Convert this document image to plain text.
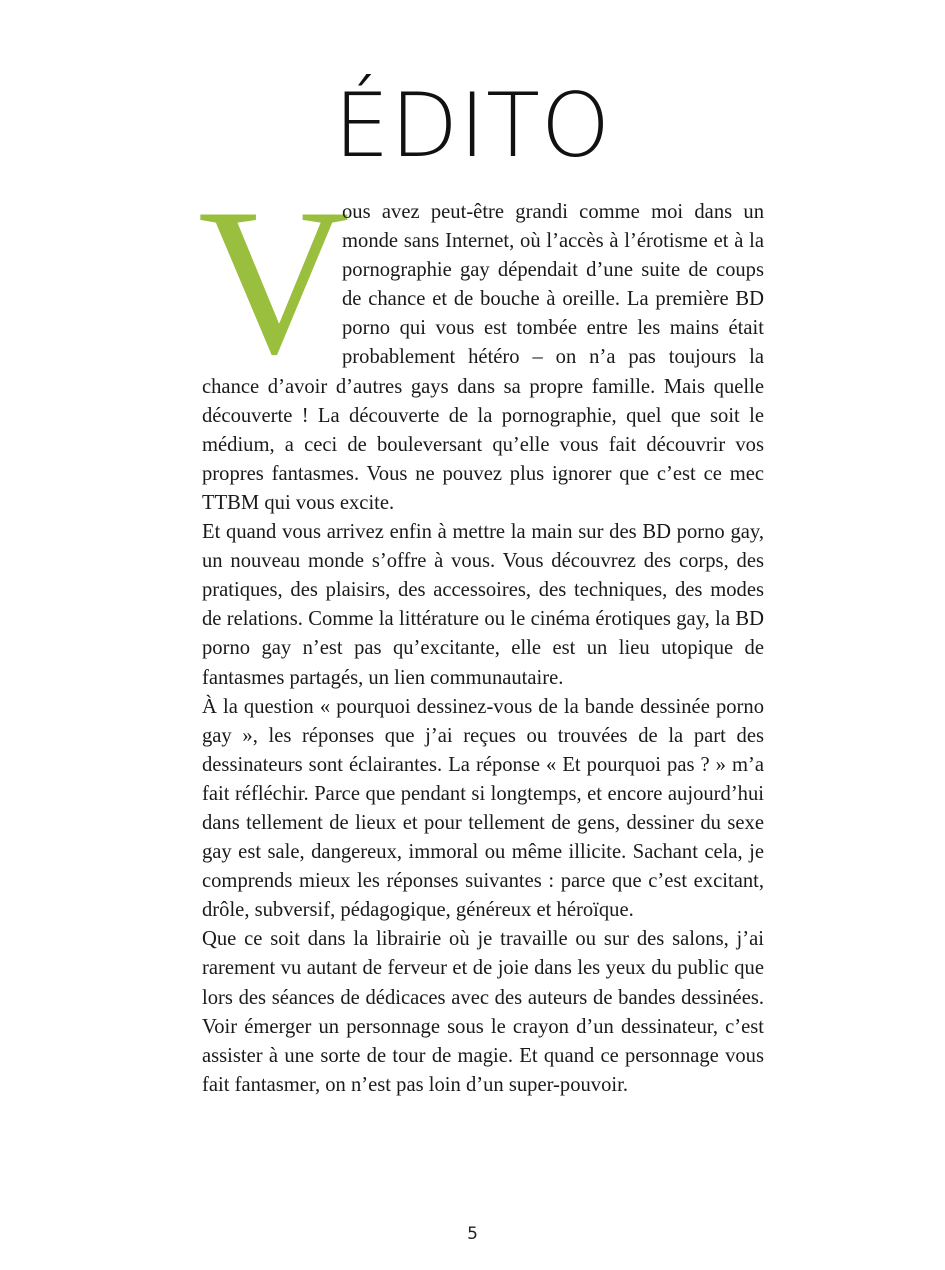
ÉDITO

V
ous avez peut-être grandi comme moi dans un monde sans Internet, où l’accès à l’érotisme et à la pornographie gay dépendait d’une suite de coups de chance et de bouche à oreille. La première BD porno qui vous est tombée entre les mains était probablement hétéro – on n’a pas toujours la chance d’avoir d’autres gays dans sa propre famille. Mais quelle découverte ! La découverte de la pornographie, quel que soit le médium, a ceci de bouleversant qu’elle vous fait découvrir vos propres fantasmes. Vous ne pouvez plus ignorer que c’est ce mec TTBM qui vous excite.

Et quand vous arrivez enfin à mettre la main sur des BD porno gay, un nouveau monde s’offre à vous. Vous découvrez des corps, des pratiques, des plaisirs, des accessoires, des techniques, des modes de relations. Comme la littérature ou le cinéma érotiques gay, la BD porno gay n’est pas qu’excitante, elle est un lieu utopique de fantasmes partagés, un lien communautaire.

À la question « pourquoi dessinez-vous de la bande dessinée porno gay », les réponses que j’ai reçues ou trouvées de la part des dessinateurs sont éclairantes. La réponse « Et pourquoi pas ? » m’a fait réfléchir. Parce que pendant si longtemps, et encore aujourd’hui dans tellement de lieux et pour tellement de gens, dessiner du sexe gay est sale, dangereux, immoral ou même illicite. Sachant cela, je comprends mieux les réponses suivantes : parce que c’est excitant, drôle, subversif, pédagogique, généreux et héroïque.

Que ce soit dans la librairie où je travaille ou sur des salons, j’ai rarement vu autant de ferveur et de joie dans les yeux du public que lors des séances de dédicaces avec des auteurs de bandes dessinées. Voir émerger un personnage sous le crayon d’un dessinateur, c’est assister à une sorte de tour de magie. Et quand ce personnage vous fait fantasmer, on n’est pas loin d’un super-pouvoir.

5
